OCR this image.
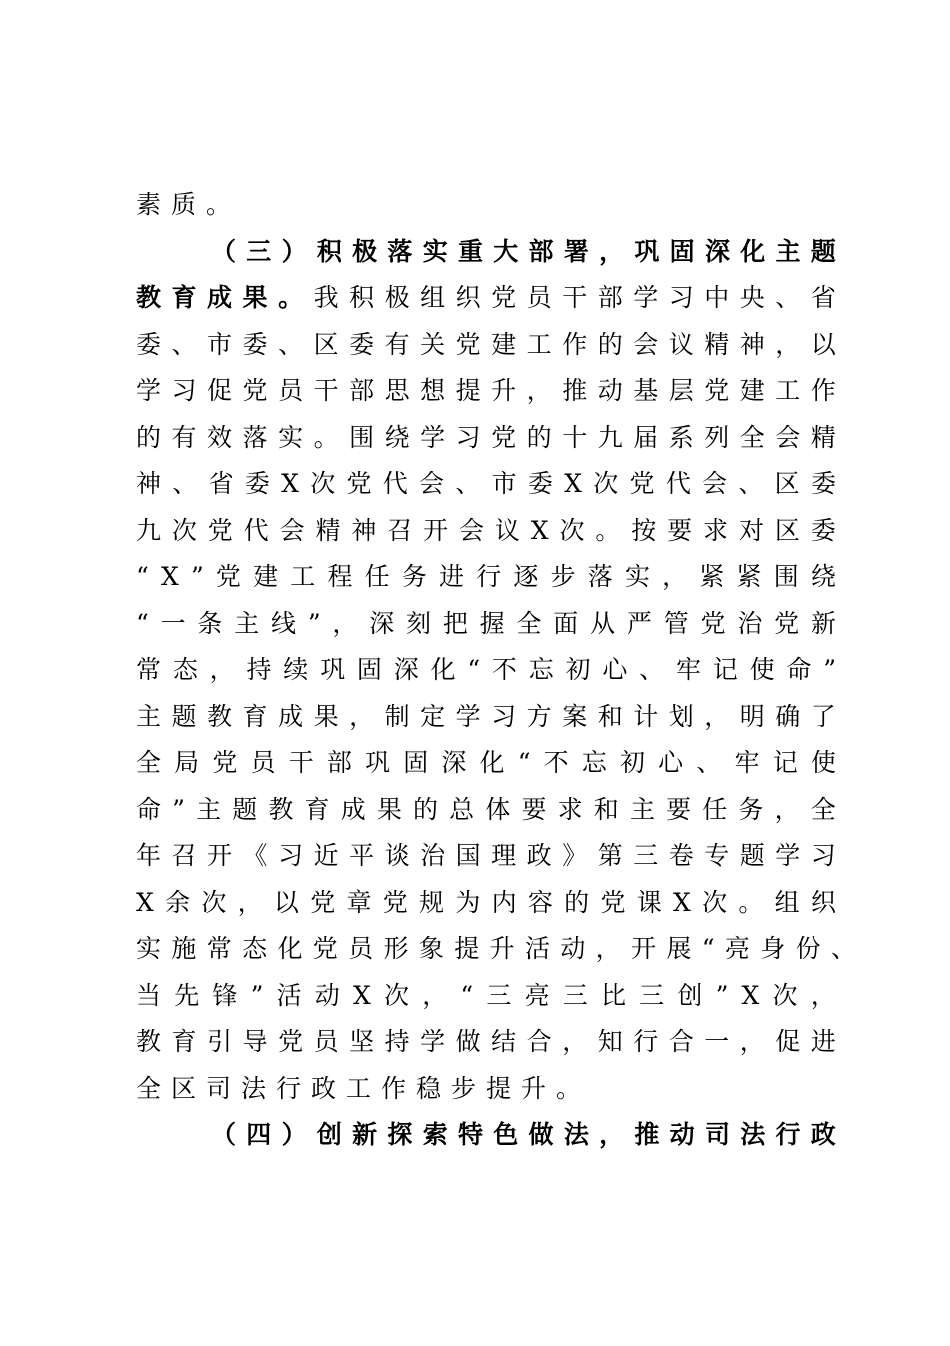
素质。
（ 三 ） 积 极 落 实 重 大 部 署 ， 巩 固 深 化 主 题
教 育 成 果 。 我 积 极 组 织 党 员 干 部 学 习 中 央 、 省
委 、 市 委 、 区 委 有 关 党 建 工 作 的 会 议 精 神 ， 以
学 习 促 党 员 干 部 思 想 提 升 ， 推 动 基 层 党 建 工 作
的 有 效 落 实 。 围 绕 学 习 党 的 十 九 届 系 列 全 会 精
神 、 省 委 X 次 党 代 会 、 市 委 X 次 党 代 会 、 区 委
九 次 党 代 会 精 神 召 开 会 议 X 次 。 按 要 求 对 区 委
“ X ” 党 建 工 程 任 务 进 行 逐 步 落 实 ， 紧 紧 围 绕
“ 一 条 主 线 ” ， 深 刻 把 握 全 面 从 严 管 党 治 党 新
常 态 ， 持 续 巩 固 深 化 “ 不 忘 初 心 、 牢 记 使 命 ”
主 题 教 育 成 果 ， 制 定 学 习 方 案 和 计 划 ， 明 确 了
全 局 党 员 干 部 巩 固 深 化 “ 不 忘 初 心 、 牢 记 使
命 ” 主 题 教 育 成 果 的 总 体 要 求 和 主 要 任 务 ， 全
年 召 开 《 习 近 平 谈 治 国 理 政 》 第 三 卷 专 题 学 习
X 余 次 ， 以 党 章 党 规 为 内 容 的 党 课 X 次 。 组 织
实 施 常 态 化 党 员 形 象 提 升 活 动 ， 开 展 “ 亮 身 份 、
当 先 锋 ” 活 动 X 次 ， “ 三 亮 三 比 三 创 ” X 次 ，
教 育 引 导 党 员 坚 持 学 做 结 合 ， 知 行 合 一 ， 促 进
全区司法行政工作稳步提升。
（ 四 ） 创 新 探 索 特 色 做 法 ， 推 动 司 法 行 政
